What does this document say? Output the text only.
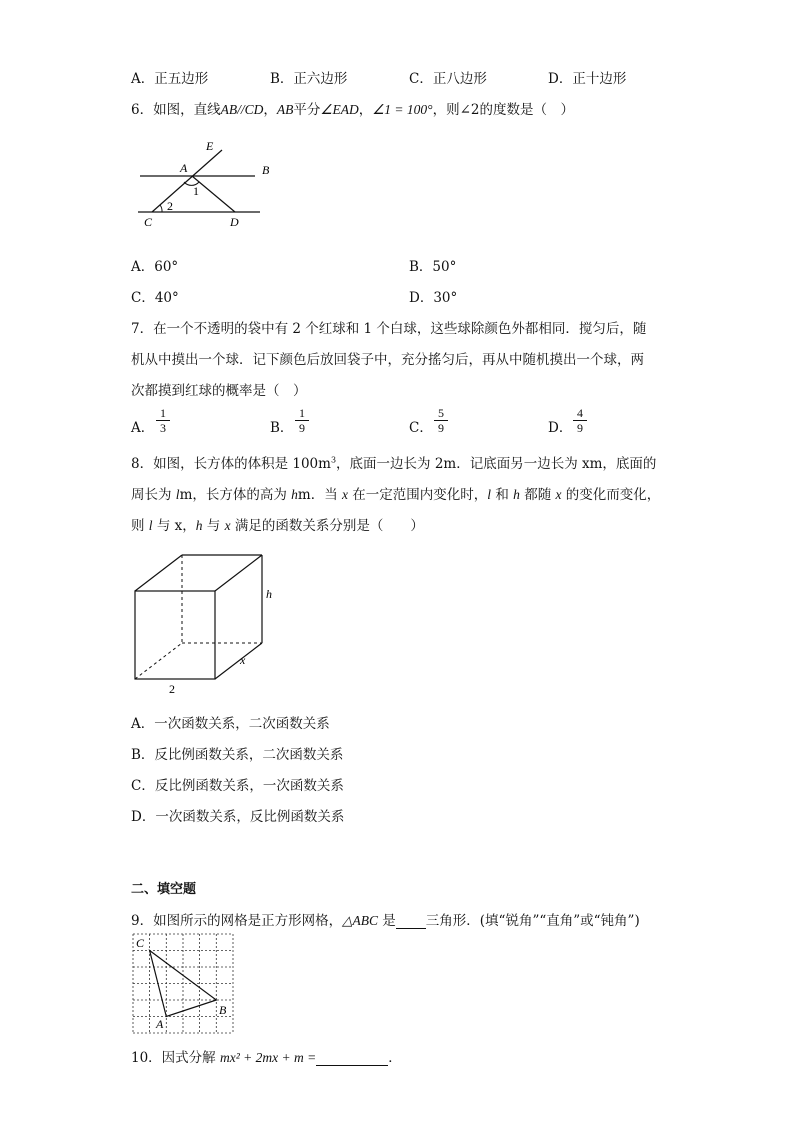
A．正五边形	B．正六边形	C．正八边形	D．正十边形
6．如图，直线AB//CD，AB平分∠EAD，∠1 = 100°，则∠2的度数是（　）
E
A	B
C	D
1
2
A．60°	B．50°
C．40°	D．30°
7．在一个不透明的袋中有 2 个红球和 1 个白球，这些球除颜色外都相同．搅匀后，随
机从中摸出一个球．记下颜色后放回袋子中，充分搖匀后，再从中随机摸出一个球，两
次都摸到红球的概率是（　）
A． $\frac{1}{3}$	B． $\frac{1}{9}$	C． $\frac{5}{9}$	D． $\frac{4}{9}$
8．如图，长方体的体积是 $100m^3$，底面一边长为 2m．记底面另一边长为 xm，底面的
周长为 lm，长方体的高为 hm．当 x 在一定范围内变化时，l 和 h 都随 x 的变化而变化，
则 l 与 x，h 与 x 满足的函数关系分别是（　　）
h
x
2
A．一次函数关系，二次函数关系
B．反比例函数关系，二次函数关系
C．反比例函数关系，一次函数关系
D．一次函数关系，反比例函数关系
二、填空题
9．如图所示的网格是正方形网格，△ABC 是 三角形．(填“锐角”“直角”或“钝角”)
C
A
B
10．因式分解 mx² + 2mx + m =	．
